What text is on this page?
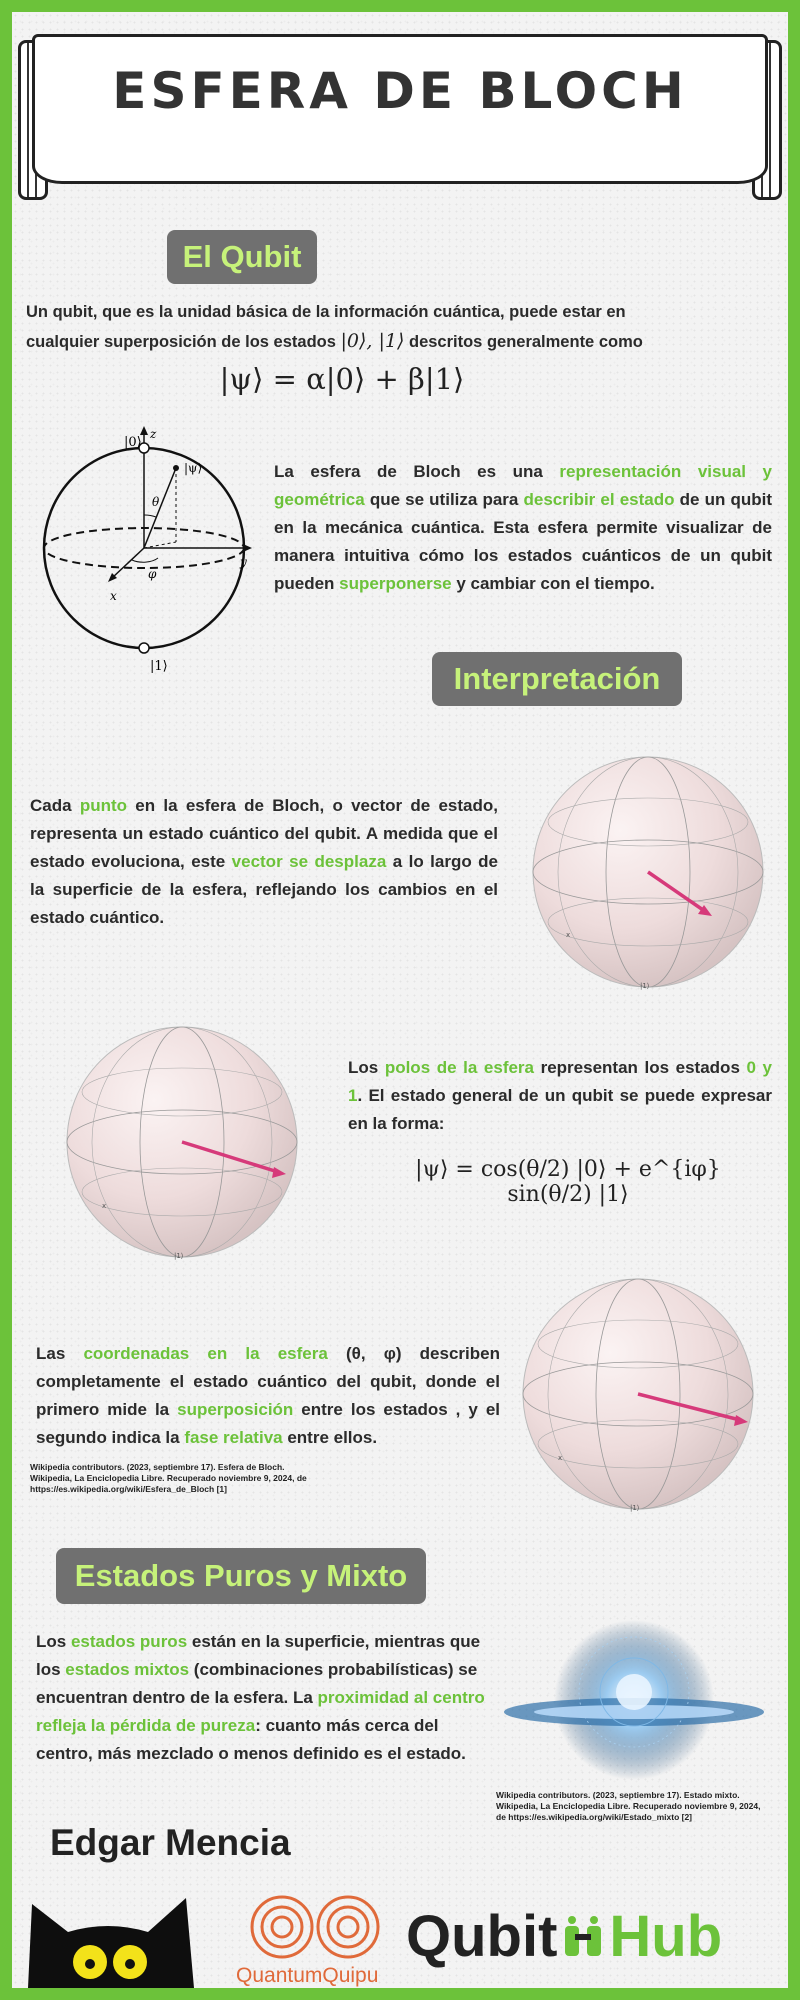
ESFERA DE BLOCH
El Qubit
Un qubit, que es la unidad básica de la información cuántica, puede estar en
cualquier superposición de los estados |0⟩, |1⟩ descritos generalmente como
|ψ⟩ = α|0⟩ + β|1⟩
|0⟩
z
|ψ⟩
θ
φ
y
x
|1⟩
La esfera de Bloch es una representación visual y geométrica que se utiliza para describir el estado de un qubit en la mecánica cuántica. Esta esfera permite visualizar de manera intuitiva cómo los estados cuánticos de un qubit pueden superponerse y cambiar con el tiempo.
Interpretación
Cada punto en la esfera de Bloch, o vector de estado, representa un estado cuántico del qubit. A medida que el estado evoluciona, este vector se desplaza a lo largo de la superficie de la esfera, reflejando los cambios en el estado cuántico.
x
|1⟩
x
|1⟩
Los polos de la esfera representan los estados 0 y 1. El estado general de un qubit se puede expresar en la forma:
|ψ⟩ = cos(θ/2) |0⟩ + e^{iφ} sin(θ/2) |1⟩
x
|1⟩
Las coordenadas en la esfera (θ, φ) describen completamente el estado cuántico del qubit, donde el primero mide la superposición entre los estados , y el segundo indica la fase relativa entre ellos.
Wikipedia contributors. (2023, septiembre 17). Esfera de Bloch. Wikipedia, La Enciclopedia Libre. Recuperado noviembre 9, 2024, de https://es.wikipedia.org/wiki/Esfera_de_Bloch [1]
Estados Puros y Mixto
Los estados puros están en la superficie, mientras que los estados mixtos (combinaciones probabilísticas) se encuentran dentro de la esfera. La proximidad al centro refleja la pérdida de pureza: cuanto más cerca del centro, más mezclado o menos definido es el estado.
Wikipedia contributors. (2023, septiembre 17). Estado mixto. Wikipedia, La Enciclopedia Libre. Recuperado noviembre 9, 2024, de https://es.wikipedia.org/wiki/Estado_mixto [2]
Edgar Mencia
QuantumQuipu
Qubit Hub
